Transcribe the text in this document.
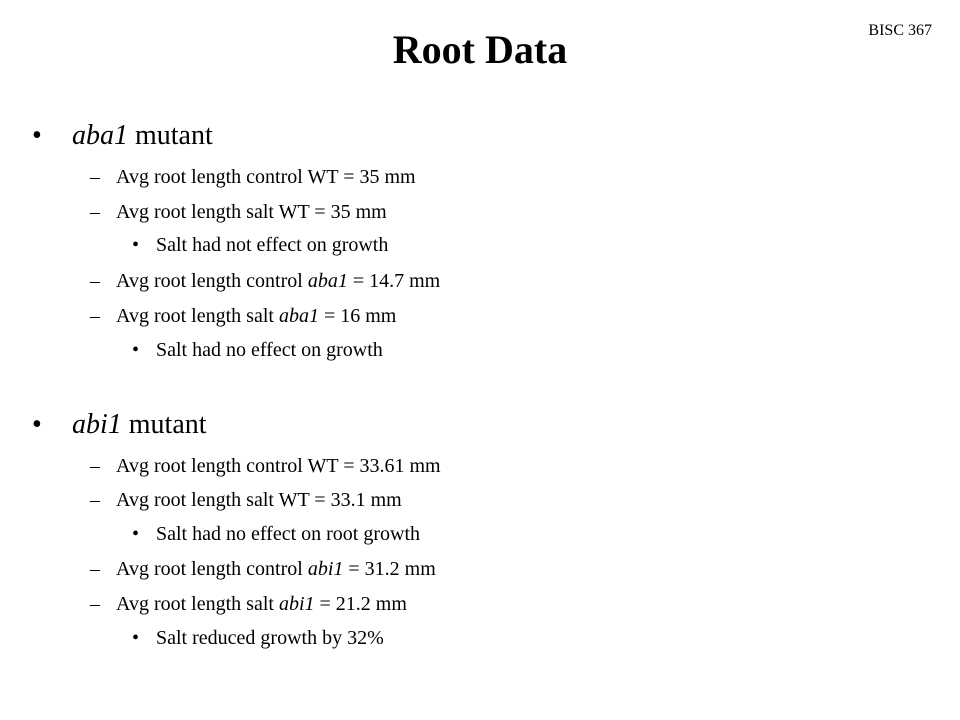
BISC 367
Root Data
• aba1 mutant
– Avg root length control WT = 35 mm
– Avg root length salt WT = 35 mm
• Salt had not effect on growth
– Avg root length control aba1 = 14.7 mm
– Avg root length salt aba1 = 16 mm
• Salt had no effect on growth
• abi1 mutant
– Avg root length control WT = 33.61 mm
– Avg root length salt WT = 33.1 mm
• Salt had no effect on root growth
– Avg root length control abi1 = 31.2 mm
– Avg root length salt abi1 = 21.2 mm
• Salt reduced growth by 32%
